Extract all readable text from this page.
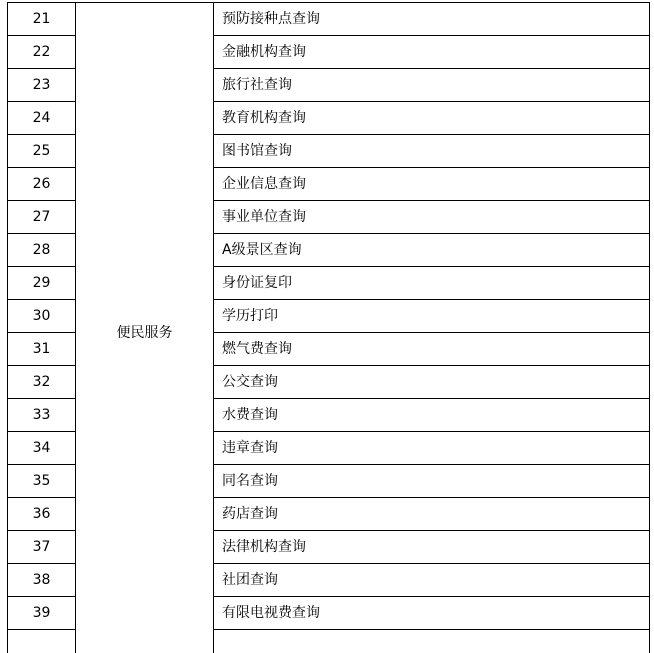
21	便民服务	预防接种点查询
22		金融机构查询
23		旅行社查询
24		教育机构查询
25		图书馆查询
26		企业信息查询
27		事业单位查询
28		A级景区查询
29		身份证复印
30		学历打印
31		燃气费查询
32		公交查询
33		水费查询
34		违章查询
35		同名查询
36		药店查询
37		法律机构查询
38		社团查询
39		有限电视费查询
